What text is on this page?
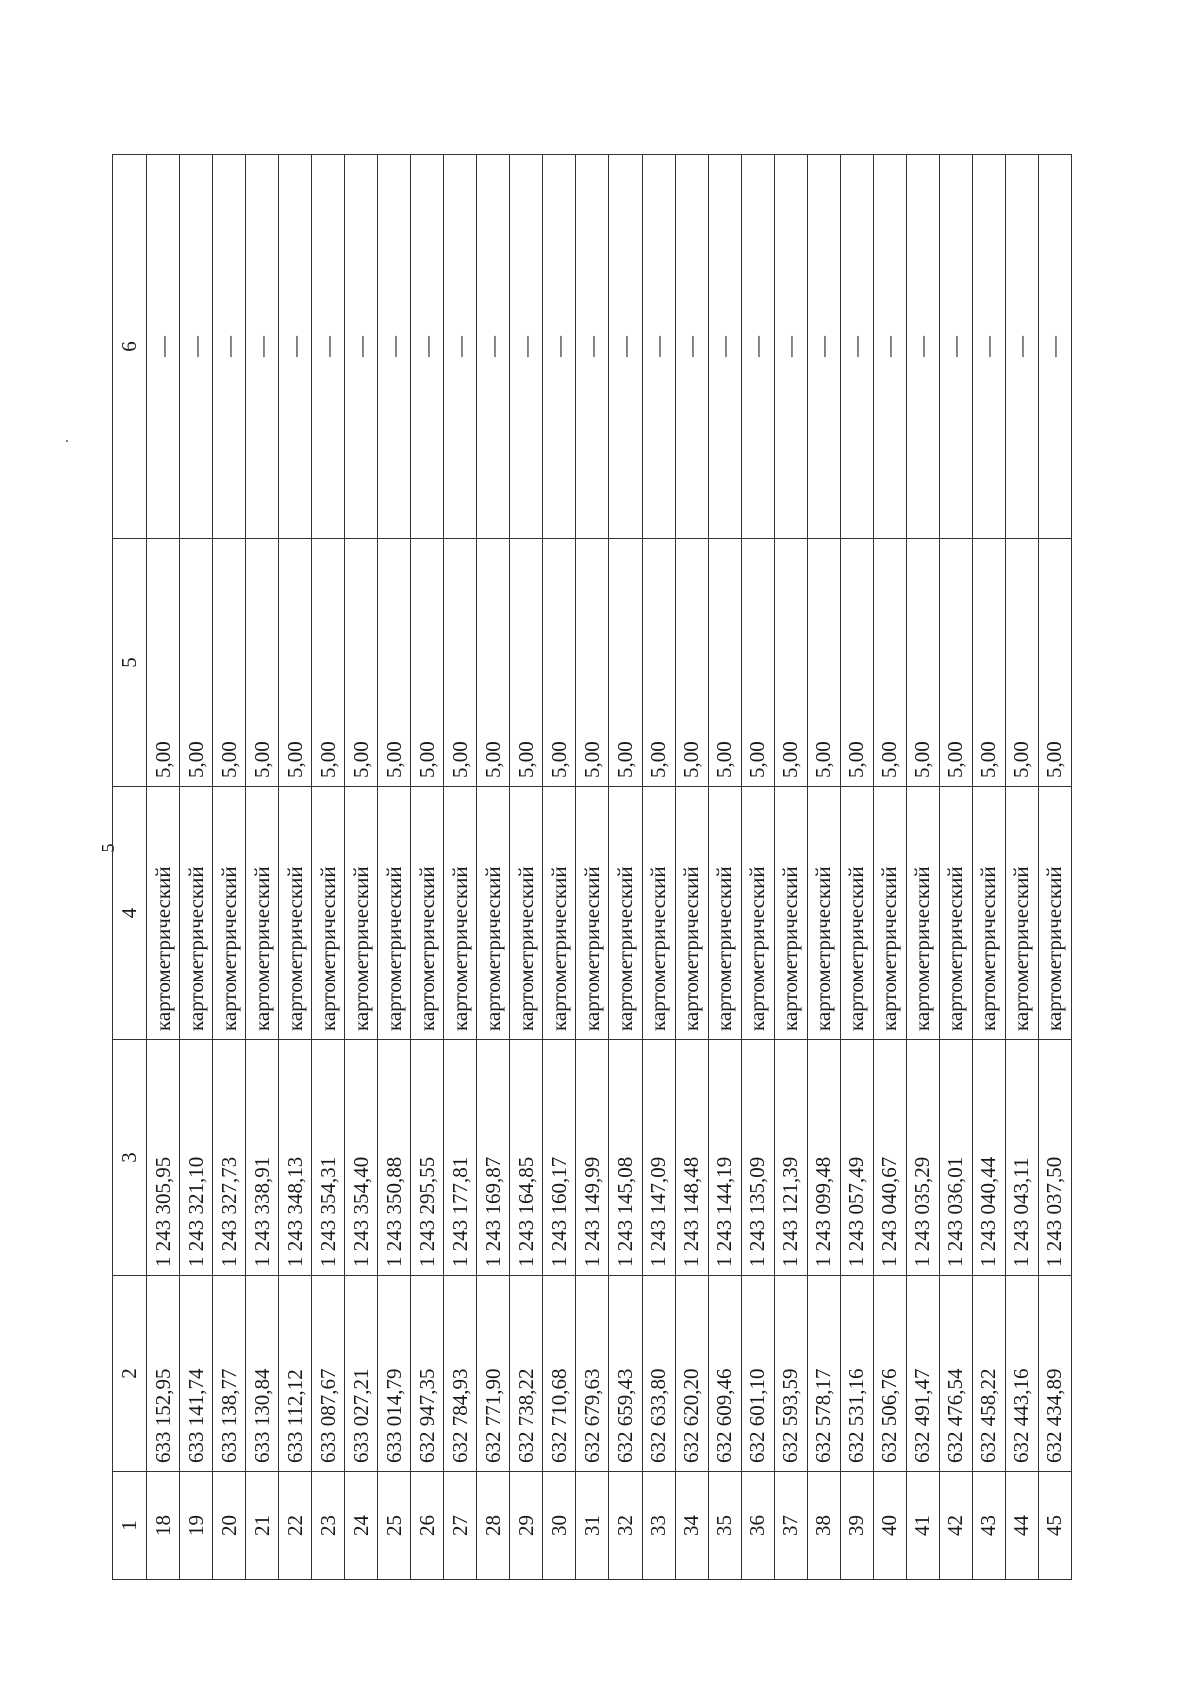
5
1	2	3	4	5	6
18	633 152,95	1 243 305,95	картометрический	5,00	—
19	633 141,74	1 243 321,10	картометрический	5,00	—
20	633 138,77	1 243 327,73	картометрический	5,00	—
21	633 130,84	1 243 338,91	картометрический	5,00	—
22	633 112,12	1 243 348,13	картометрический	5,00	—
23	633 087,67	1 243 354,31	картометрический	5,00	—
24	633 027,21	1 243 354,40	картометрический	5,00	—
25	633 014,79	1 243 350,88	картометрический	5,00	—
26	632 947,35	1 243 295,55	картометрический	5,00	—
27	632 784,93	1 243 177,81	картометрический	5,00	—
28	632 771,90	1 243 169,87	картометрический	5,00	—
29	632 738,22	1 243 164,85	картометрический	5,00	—
30	632 710,68	1 243 160,17	картометрический	5,00	—
31	632 679,63	1 243 149,99	картометрический	5,00	—
32	632 659,43	1 243 145,08	картометрический	5,00	—
33	632 633,80	1 243 147,09	картометрический	5,00	—
34	632 620,20	1 243 148,48	картометрический	5,00	—
35	632 609,46	1 243 144,19	картометрический	5,00	—
36	632 601,10	1 243 135,09	картометрический	5,00	—
37	632 593,59	1 243 121,39	картометрический	5,00	—
38	632 578,17	1 243 099,48	картометрический	5,00	—
39	632 531,16	1 243 057,49	картометрический	5,00	—
40	632 506,76	1 243 040,67	картометрический	5,00	—
41	632 491,47	1 243 035,29	картометрический	5,00	—
42	632 476,54	1 243 036,01	картометрический	5,00	—
43	632 458,22	1 243 040,44	картометрический	5,00	—
44	632 443,16	1 243 043,11	картометрический	5,00	—
45	632 434,89	1 243 037,50	картометрический	5,00	—
